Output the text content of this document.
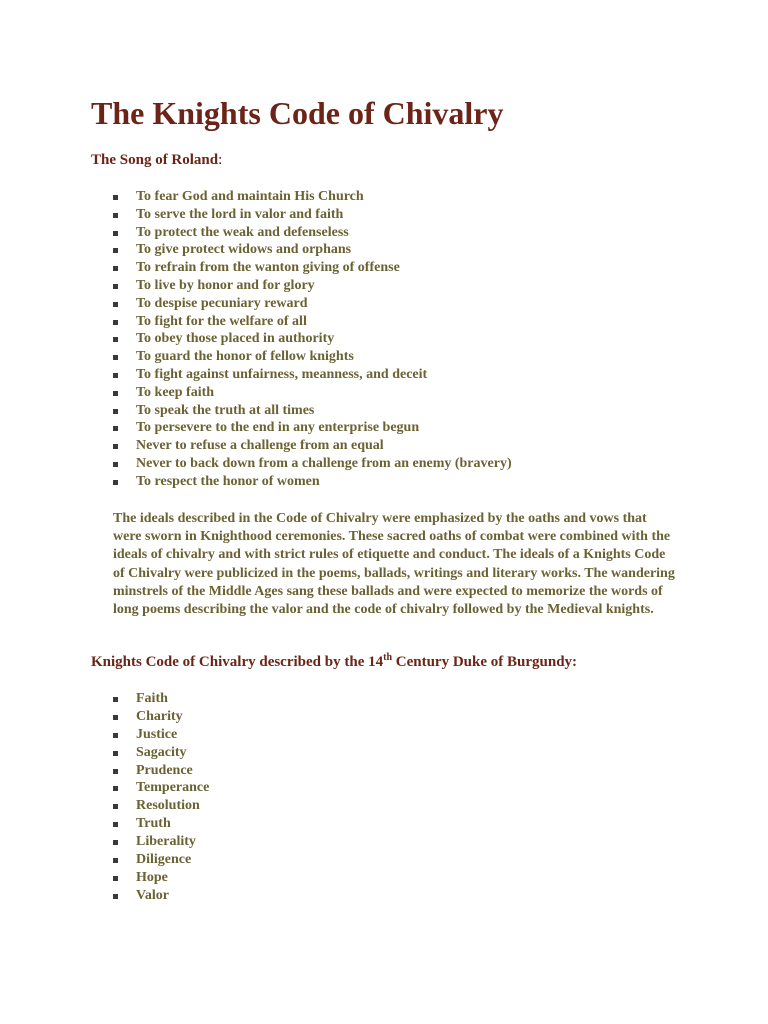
The Knights Code of Chivalry

The Song of Roland:

To fear God and maintain His Church
To serve the lord in valor and faith
To protect the weak and defenseless
To give protect widows and orphans
To refrain from the wanton giving of offense
To live by honor and for glory
To despise pecuniary reward
To fight for the welfare of all
To obey those placed in authority
To guard the honor of fellow knights
To fight against unfairness, meanness, and deceit
To keep faith
To speak the truth at all times
To persevere to the end in any enterprise begun
Never to refuse a challenge from an equal
Never to back down from a challenge from an enemy (bravery)
To respect the honor of women

The ideals described in the Code of Chivalry were emphasized by the oaths and vows that were sworn in Knighthood ceremonies. These sacred oaths of combat were combined with the ideals of chivalry and with strict rules of etiquette and conduct. The ideals of a Knights Code of Chivalry were publicized in the poems, ballads, writings and literary works. The wandering minstrels of the Middle Ages sang these ballads and were expected to memorize the words of long poems describing the valor and the code of chivalry followed by the Medieval knights.

Knights Code of Chivalry described by the 14th Century Duke of Burgundy:

Faith
Charity
Justice
Sagacity
Prudence
Temperance
Resolution
Truth
Liberality
Diligence
Hope
Valor
